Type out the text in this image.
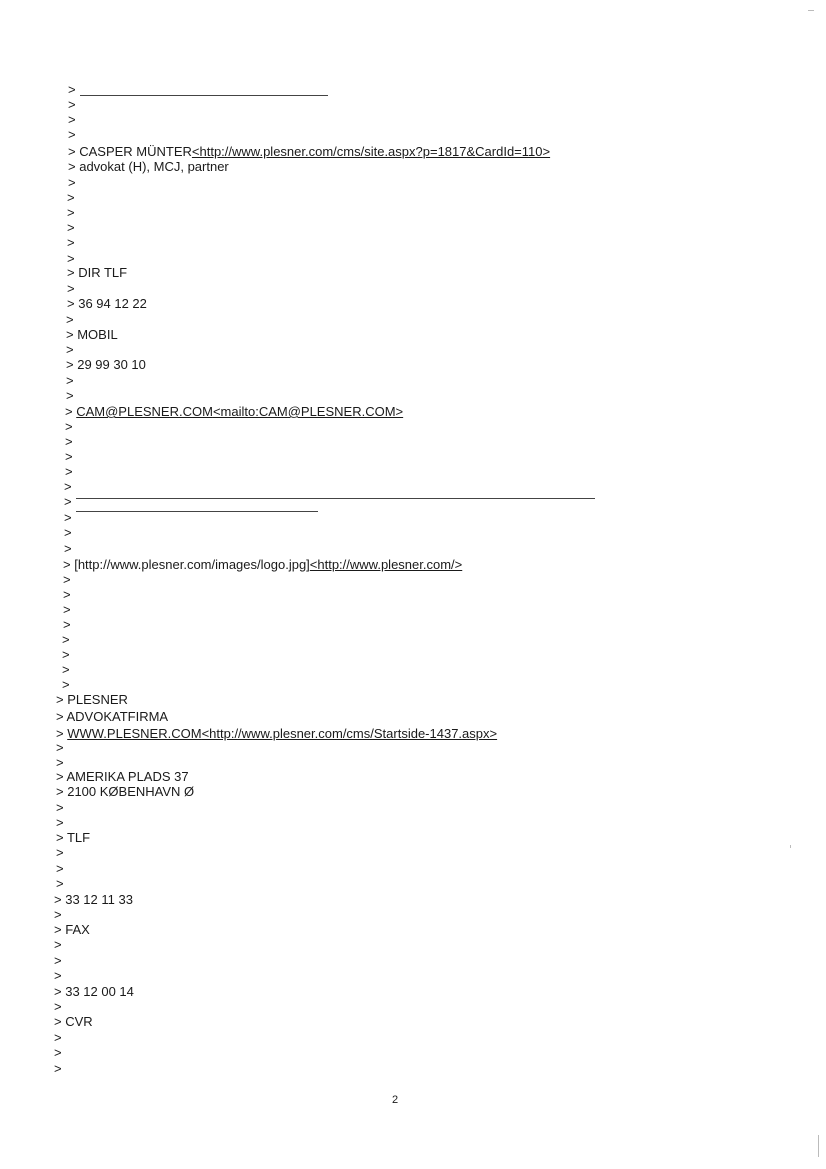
>
>
>
>
> CASPER MÜNTER<http://www.plesner.com/cms/site.aspx?p=1817&CardId=110>
> advokat (H), MCJ, partner
>
>
>
>
>
>
> DIR TLF
>
> 36 94 12 22
>
> MOBIL
>
> 29 99 30 10
>
>
> CAM@PLESNER.COM<mailto:CAM@PLESNER.COM>
>
>
>
>
>
>
>
>
>
> [http://www.plesner.com/images/logo.jpg]<http://www.plesner.com/>
>
>
>
>
>
>
>
>
> PLESNER
> ADVOKATFIRMA
> WWW.PLESNER.COM<http://www.plesner.com/cms/Startside-1437.aspx>
>
>
> AMERIKA PLADS 37
> 2100 KØBENHAVN Ø
>
>
> TLF
>
>
>
> 33 12 11 33
>
> FAX
>
>
>
> 33 12 00 14
>
> CVR
>
>
>
2
